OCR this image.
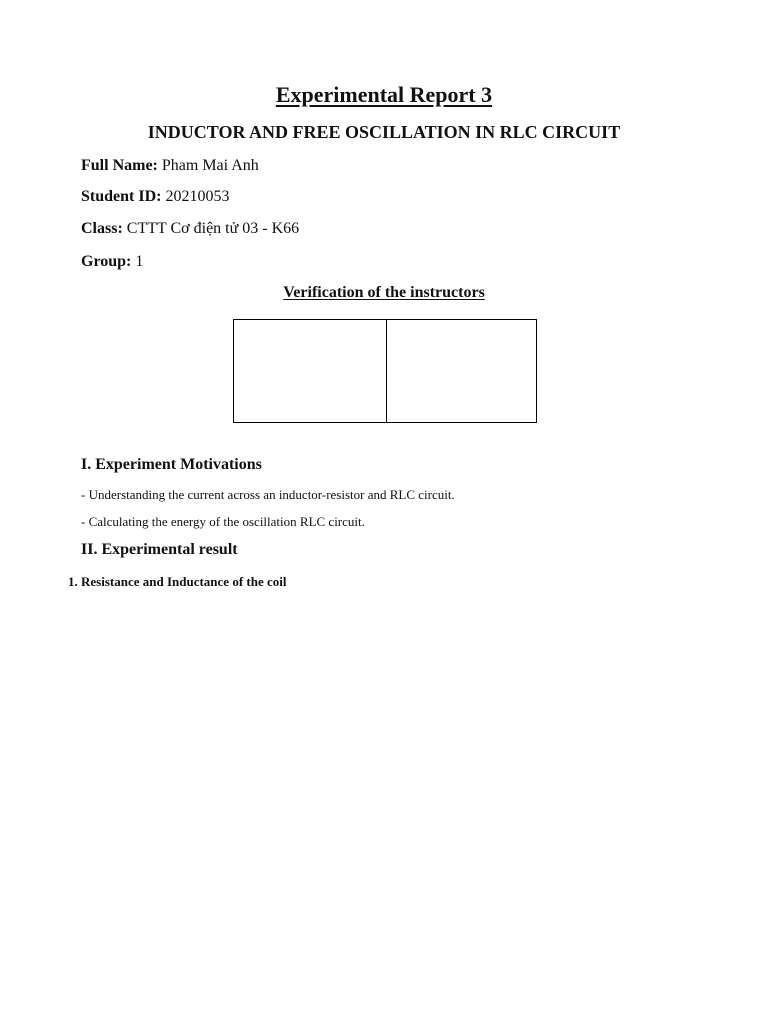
Experimental Report 3
INDUCTOR AND FREE OSCILLATION IN RLC CIRCUIT
Full Name: Pham Mai Anh
Student ID: 20210053
Class: CTTT Cơ điện tử 03 - K66
Group: 1
Verification of the instructors
I. Experiment Motivations
- Understanding the current across an inductor-resistor and RLC circuit.
- Calculating the energy of the oscillation RLC circuit.
II. Experimental result
1. Resistance and Inductance of the coil
